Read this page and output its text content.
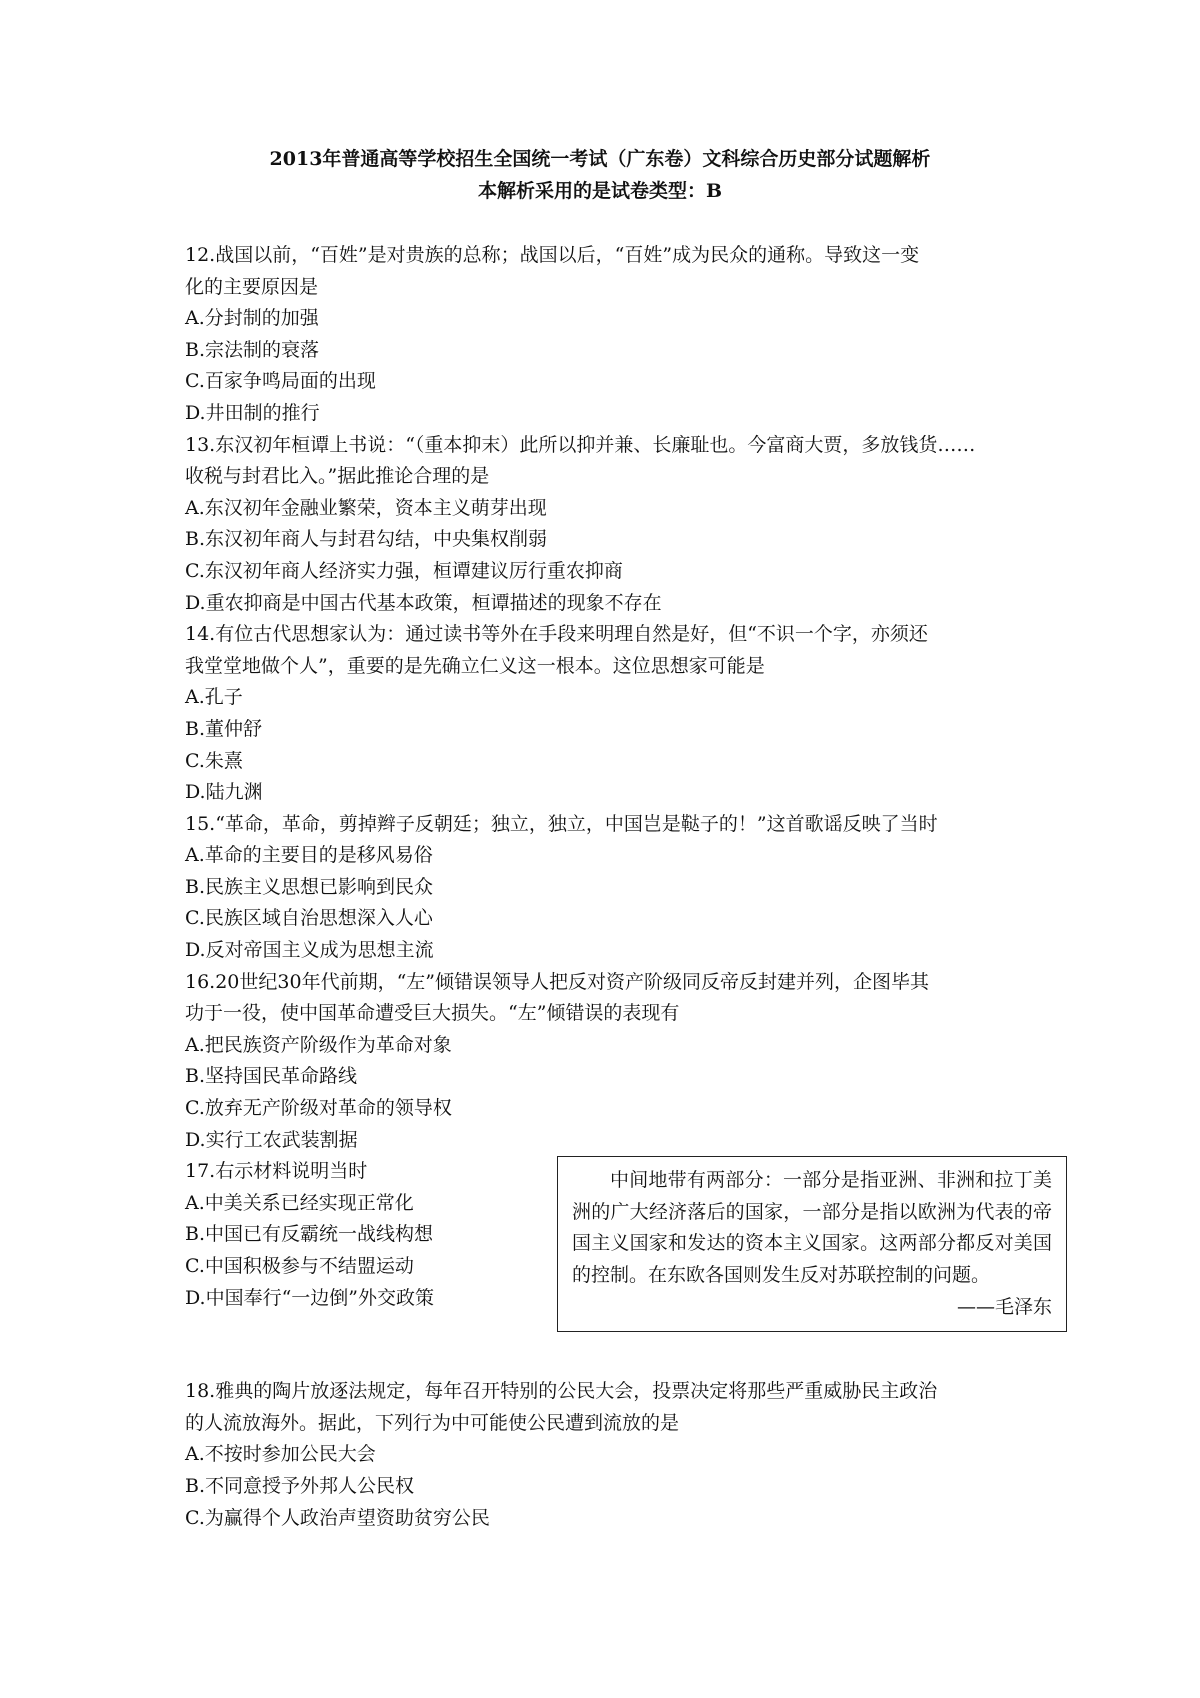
2013年普通高等学校招生全国统一考试（广东卷）文科综合历史部分试题解析
本解析采用的是试卷类型：B
12.战国以前，“百姓”是对贵族的总称；战国以后，“百姓”成为民众的通称。导致这一变
化的主要原因是
A.分封制的加强
B.宗法制的衰落
C.百家争鸣局面的出现
D.井田制的推行
13.东汉初年桓谭上书说：“（重本抑末）此所以抑并兼、长廉耻也。今富商大贾，多放钱货……
收税与封君比入。”据此推论合理的是
A.东汉初年金融业繁荣，资本主义萌芽出现
B.东汉初年商人与封君勾结，中央集权削弱
C.东汉初年商人经济实力强，桓谭建议厉行重农抑商
D.重农抑商是中国古代基本政策，桓谭描述的现象不存在
14.有位古代思想家认为：通过读书等外在手段来明理自然是好，但“不识一个字，亦须还
我堂堂地做个人”，重要的是先确立仁义这一根本。这位思想家可能是
A.孔子
B.董仲舒
C.朱熹
D.陆九渊
15.“革命，革命，剪掉辫子反朝廷；独立，独立，中国岂是鞑子的！”这首歌谣反映了当时
A.革命的主要目的是移风易俗
B.民族主义思想已影响到民众
C.民族区域自治思想深入人心
D.反对帝国主义成为思想主流
16.20世纪30年代前期，“左”倾错误领导人把反对资产阶级同反帝反封建并列，企图毕其
功于一役，使中国革命遭受巨大损失。“左”倾错误的表现有
A.把民族资产阶级作为革命对象
B.坚持国民革命路线
C.放弃无产阶级对革命的领导权
D.实行工农武装割据
17.右示材料说明当时
A.中美关系已经实现正常化
B.中国已有反霸统一战线构想
C.中国积极参与不结盟运动
D.中国奉行“一边倒”外交政策
中间地带有两部分：一部分是指亚洲、非洲和拉丁美洲的广大经济落后的国家，一部分是指以欧洲为代表的帝国主义国家和发达的资本主义国家。这两部分都反对美国的控制。在东欧各国则发生反对苏联控制的问题。
——毛泽东
18.雅典的陶片放逐法规定，每年召开特别的公民大会，投票决定将那些严重威胁民主政治
的人流放海外。据此，下列行为中可能使公民遭到流放的是
A.不按时参加公民大会
B.不同意授予外邦人公民权
C.为赢得个人政治声望资助贫穷公民
